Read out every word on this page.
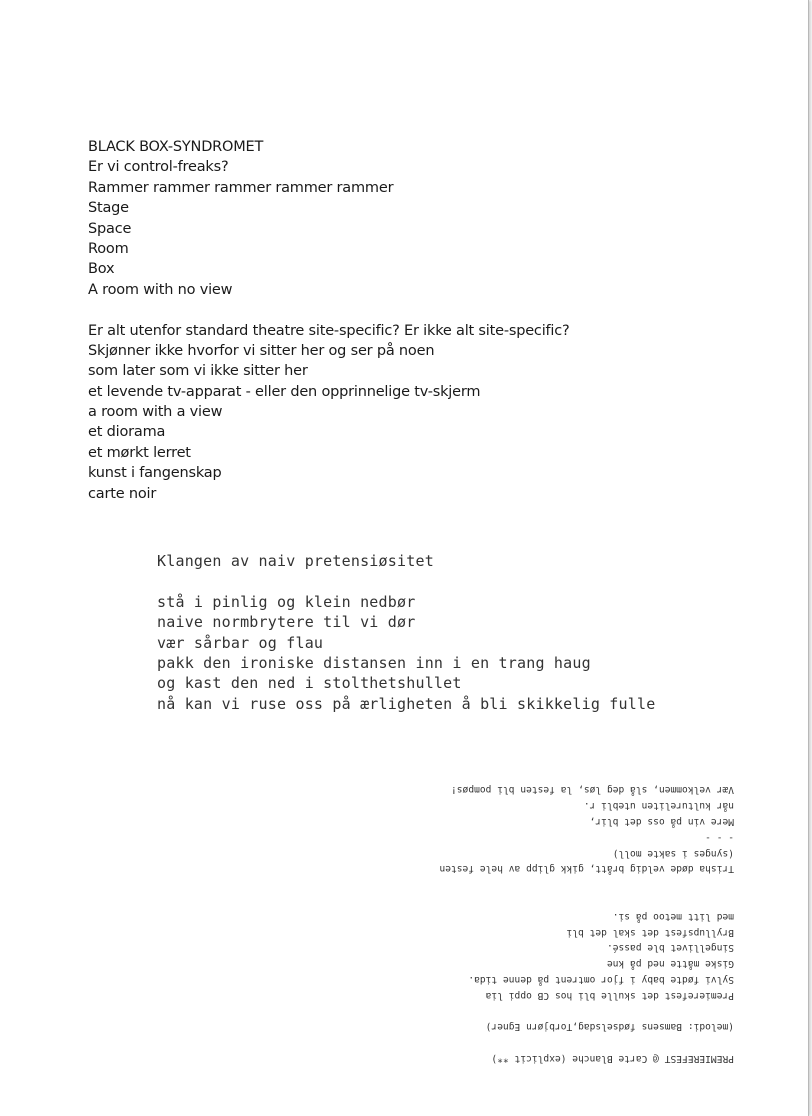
BLACK BOX-SYNDROMET
Er vi control-freaks?
Rammer rammer rammer rammer rammer
Stage
Space
Room
Box
A room with no view
Er alt utenfor standard theatre site-specific? Er ikke alt site-specific?
Skjønner ikke hvorfor vi sitter her og ser på noen
som later som vi ikke sitter her
et levende tv-apparat - eller den opprinnelige tv-skjerm
a room with a view
et diorama
et mørkt lerret
kunst i fangenskap
carte noir
Klangen av naiv pretensiøsitet
stå i pinlig og klein nedbør
naive normbrytere til vi dør
vær sårbar og flau
pakk den ironiske distansen inn i en trang haug
og kast den ned i stolthetshullet
nå kan vi ruse oss på ærligheten å bli skikkelig fulle
PREMIEREFEST @ Carte Blanche (explicit **)
(melodi: Bamsens fødselsdag,Torbjørn Egner)
Premierefest det skulle bli hos CB oppi lia
Sylvi fødte baby i fjor omtrent på denne tida.
Giske måtte ned på kne
Singellivet ble passé.
Bryllupsfest det skal det bli
med litt metoo på si.
Trisha døde veldig brått, gikk glipp av hele festen
(synges i sakte moll)
- - -
Mere vin på oss det blir,
når kultureliten utebli r.
Vær velkommen, slå deg løs, la festen bli pompøs!
